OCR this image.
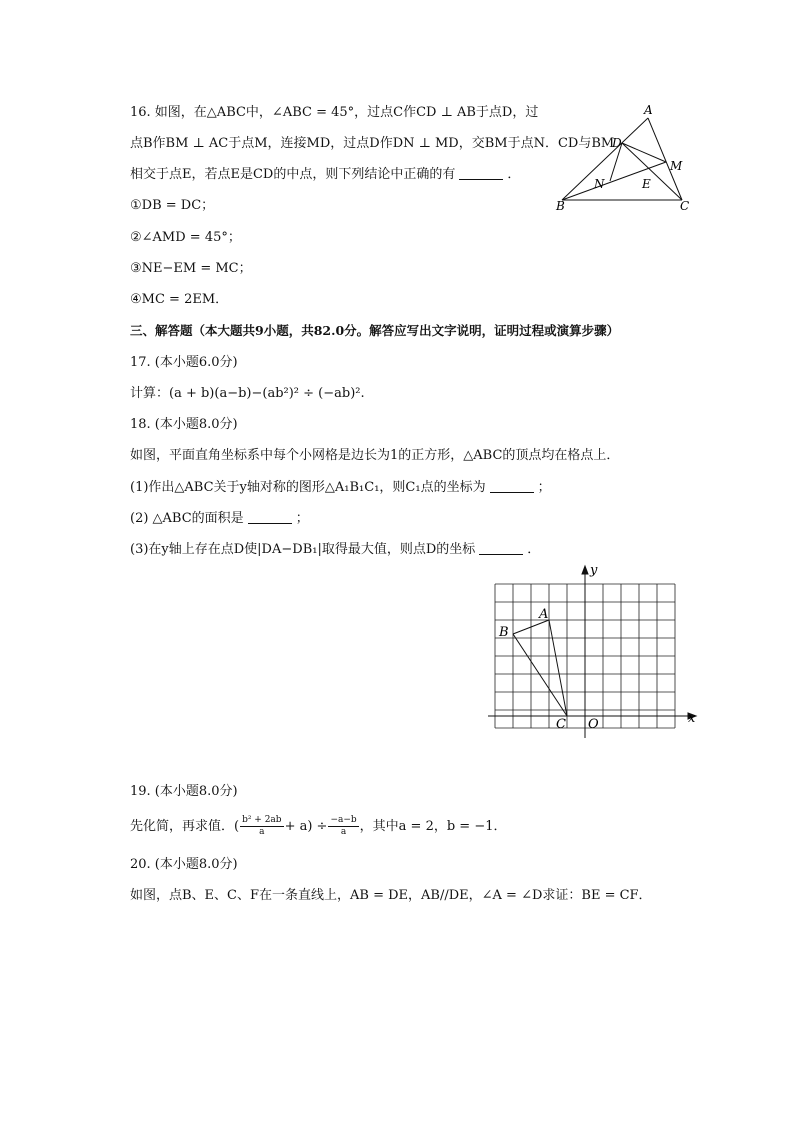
16. 如图，在△ABC中，∠ABC = 45°，过点C作CD ⊥ AB于点D，过
点B作BM ⊥ AC于点M，连接MD，过点D作DN ⊥ MD，交BM于点N．CD与BM
相交于点E，若点E是CD的中点，则下列结论中正确的有	．
①DB = DC；
②∠AMD = 45°；
③NE−EM = MC；
④MC = 2EM．
A
D
M
N	E
B	C
三、解答题（本大题共9小题，共82.0分。解答应写出文字说明，证明过程或演算步骤）
17. (本小题6.0分)
计算：(a + b)(a−b)−(ab²)² ÷ (−ab)².
18. (本小题8.0分)
如图，平面直角坐标系中每个小网格是边长为1的正方形，△ABC的顶点均在格点上．
(1)作出△ABC关于y轴对称的图形△A₁B₁C₁，则C₁点的坐标为	；
(2) △ABC的面积是	；
(3)在y轴上存在点D使|DA−DB₁|取得最大值，则点D的坐标	．
y
x
A
B
C O
19. (本小题8.0分)
先化简，再求值．( $\frac{\text{b² + 2ab}}{a} + a) \div \frac{-a-b}{a}$ ，其中a = 2，b = −1．
20. (本小题8.0分)
如图，点B、E、C、F在一条直线上，AB = DE，AB//DE，∠A = ∠D求证：BE = CF．
